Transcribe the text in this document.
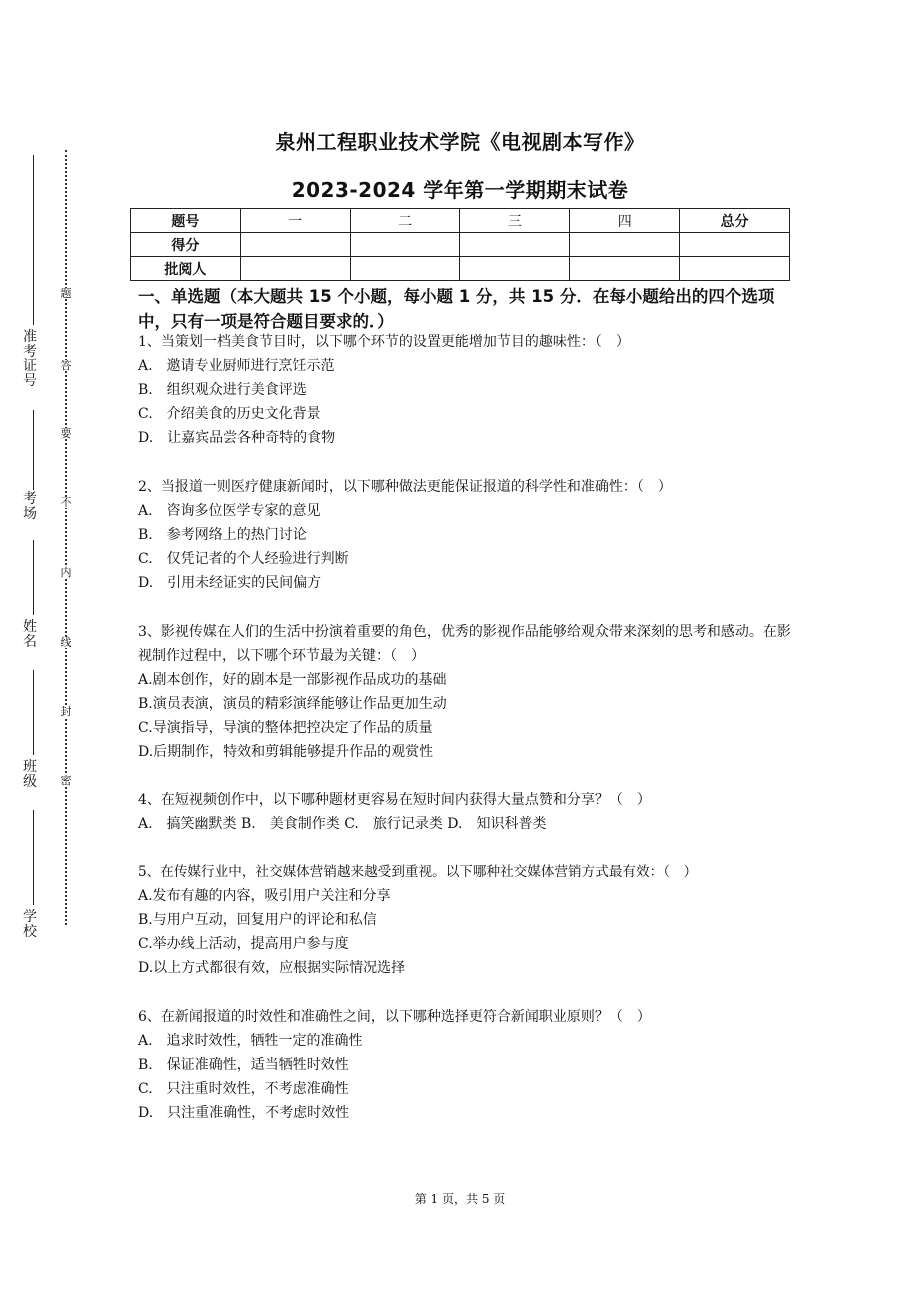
准考证号
考场
姓名
班级
学校
题
答
要
不
内
线
封
密
泉州工程职业技术学院《电视剧本写作》
2023-2024 学年第一学期期末试卷
题号	一	二	三	四	总分
得分					
批阅人					
一、单选题（本大题共 15 个小题，每小题 1 分，共 15 分．在每小题给出的四个选项中，只有一项是符合题目要求的．）

1、当策划一档美食节目时，以下哪个环节的设置更能增加节目的趣味性：（　）

A.　邀请专业厨师进行烹饪示范

B.　组织观众进行美食评选

C.　介绍美食的历史文化背景

D.　让嘉宾品尝各种奇特的食物

2、当报道一则医疗健康新闻时，以下哪种做法更能保证报道的科学性和准确性：（　）

A.　咨询多位医学专家的意见

B.　参考网络上的热门讨论

C.　仅凭记者的个人经验进行判断

D.　引用未经证实的民间偏方

3、影视传媒在人们的生活中扮演着重要的角色，优秀的影视作品能够给观众带来深刻的思考和感动。在影视制作过程中，以下哪个环节最为关键：（　）

A.剧本创作，好的剧本是一部影视作品成功的基础

B.演员表演，演员的精彩演绎能够让作品更加生动

C.导演指导，导演的整体把控决定了作品的质量

D.后期制作，特效和剪辑能够提升作品的观赏性

4、在短视频创作中，以下哪种题材更容易在短时间内获得大量点赞和分享？（　）

A.　搞笑幽默类 B.　美食制作类 C.　旅行记录类 D.　知识科普类

5、在传媒行业中，社交媒体营销越来越受到重视。以下哪种社交媒体营销方式最有效：（　）

A.发布有趣的内容，吸引用户关注和分享

B.与用户互动，回复用户的评论和私信

C.举办线上活动，提高用户参与度

D.以上方式都很有效，应根据实际情况选择

6、在新闻报道的时效性和准确性之间，以下哪种选择更符合新闻职业原则？（　）

A.　追求时效性，牺牲一定的准确性

B.　保证准确性，适当牺牲时效性

C.　只注重时效性，不考虑准确性

D.　只注重准确性，不考虑时效性

第 1 页，共 5 页
